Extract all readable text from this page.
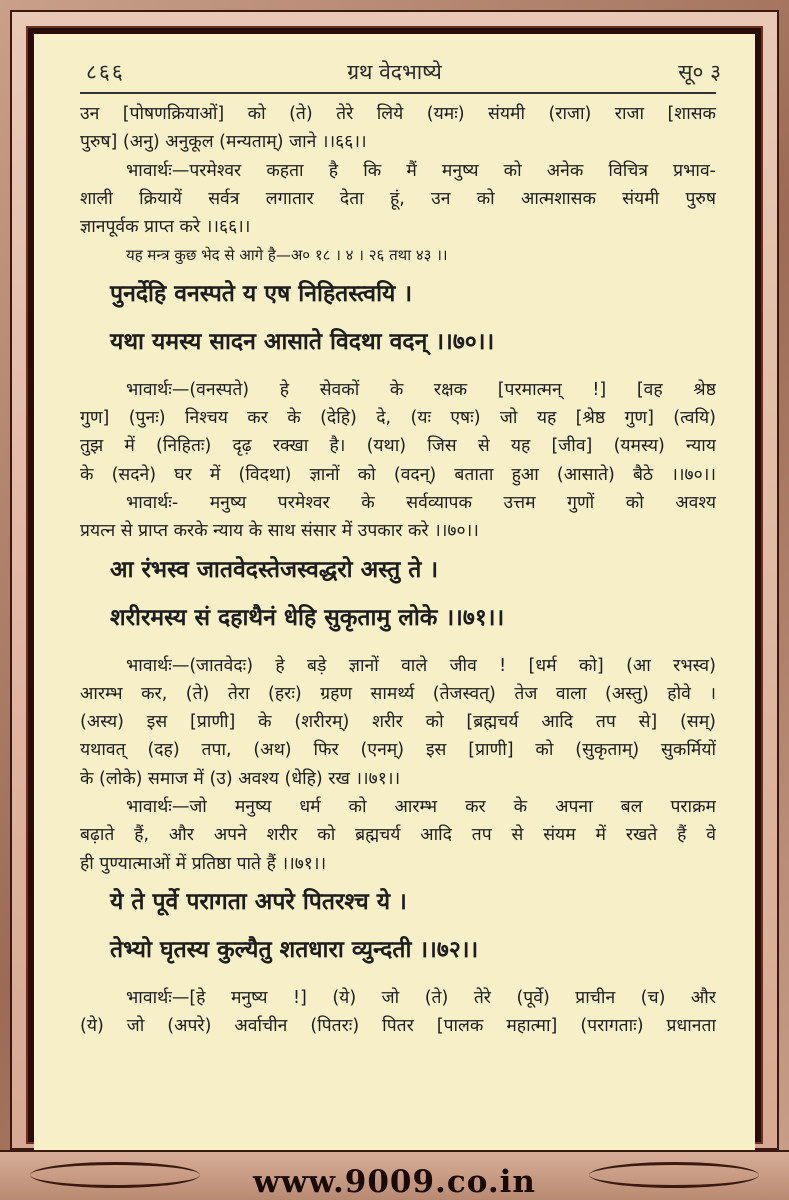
८६६	ग्रथ वेदभाष्ये	सू० ३
उन [पोषणक्रियाओं] को (ते) तेरे लिये (यमः) संयमी (राजा) राजा [शासक
पुरुष] (अनु) अनुकूल (मन्यताम्) जाने ।।६६।।
भावार्थः—परमेश्वर कहता है कि मैं मनुष्य को अनेक विचित्र प्रभाव-
शाली क्रियायें सर्वत्र लगातार देता हूं, उन को आत्मशासक संयमी पुरुष
ज्ञानपूर्वक प्राप्त करे ।।६६।।
यह मन्त्र कुछ भेद से आगे है—अ० १८ । ४ । २६ तथा ४३ ।।
पुनर्देहि वनस्पते य एष निहितस्त्वयि ।
यथा यमस्य सादन आसाते विदथा वदन् ।।७०।।
भावार्थः—(वनस्पते) हे सेवकों के रक्षक [परमात्मन् !] [वह श्रेष्ठ
गुण] (पुनः) निश्चय कर के (देहि) दे, (यः एषः) जो यह [श्रेष्ठ गुण] (त्वयि)
तुझ में (निहितः) दृढ़ रक्खा है। (यथा) जिस से यह [जीव] (यमस्य) न्याय
के (सदने) घर में (विदथा) ज्ञानों को (वदन्) बताता हुआ (आसाते) बैठे ।।७०।।
भावार्थः- मनुष्य परमेश्वर के सर्वव्यापक उत्तम गुणों को अवश्य
प्रयत्न से प्राप्त करके न्याय के साथ संसार में उपकार करे ।।७०।।
आ रंभस्व जातवेदस्तेजस्वद्धरो अस्तु ते ।
शरीरमस्य सं दहाथैनं धेहि सुकृतामु लोके ।।७१।।
भावार्थः—(जातवेदः) हे बड़े ज्ञानों वाले जीव ! [धर्म को] (आ रभस्व)
आरम्भ कर, (ते) तेरा (हरः) ग्रहण सामर्थ्य (तेजस्वत्) तेज वाला (अस्तु) होवे ।
(अस्य) इस [प्राणी] के (शरीरम्) शरीर को [ब्रह्मचर्य आदि तप से] (सम्)
यथावत् (दह) तपा, (अथ) फिर (एनम्) इस [प्राणी] को (सुकृताम्) सुकर्मियों
के (लोके) समाज में (उ) अवश्य (धेहि) रख ।।७१।।
भावार्थः—जो मनुष्य धर्म को आरम्भ कर के अपना बल पराक्रम
बढ़ाते हैं, और अपने शरीर को ब्रह्मचर्य आदि तप से संयम में रखते हैं वे
ही पुण्यात्माओं में प्रतिष्ठा पाते हैं ।।७१।।
ये ते पूर्वे परागता अपरे पितरश्च ये ।
तेभ्यो घृतस्य कुल्यैतु शतधारा व्युन्दती ।।७२।।
भावार्थः—[हे मनुष्य !] (ये) जो (ते) तेरे (पूर्वे) प्राचीन (च) और
(ये) जो (अपरे) अर्वाचीन (पितरः) पितर [पालक महात्मा] (परागताः) प्रधानता
www.9009.co.in
